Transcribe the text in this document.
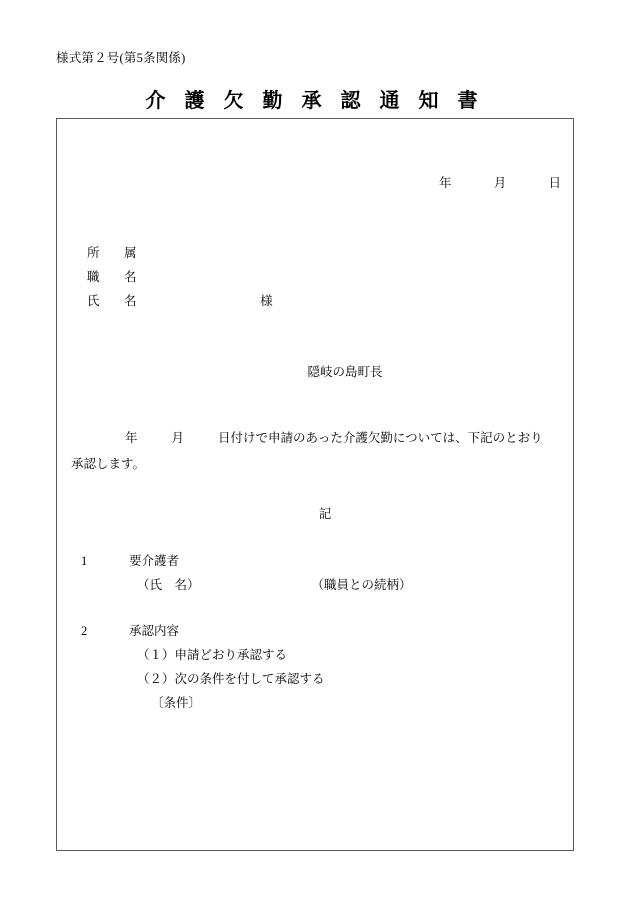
様式第２号(第5条関係)
介 護 欠 勤 承 認 通 知 書
年	月	日
所　属
職　名
氏　名	様
隠岐の島町長
年	月	日付けで申請のあった介護欠勤については、下記のとおり
承認します。
記
1	要介護者
（氏　名）	（職員との続柄）
2	承認内容
（１）申請どおり承認する
（２）次の条件を付して承認する
〔条件〕
